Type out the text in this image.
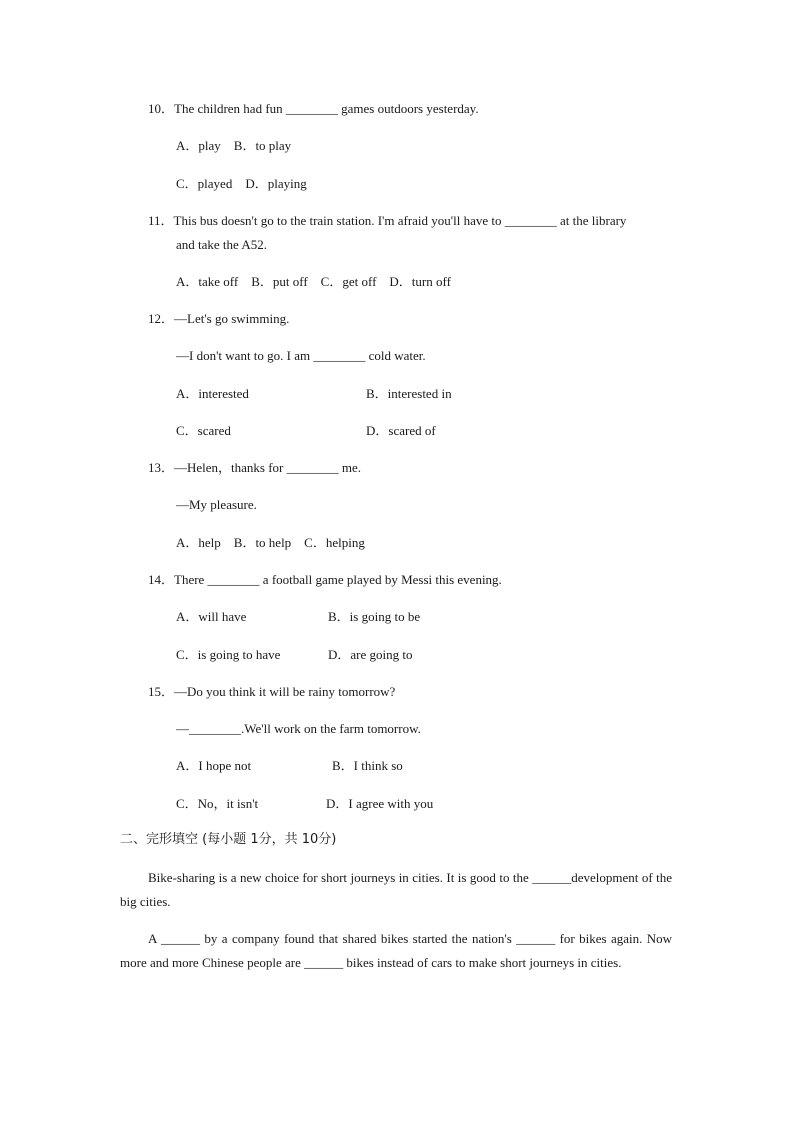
10．The children had fun ________ games outdoors yesterday.
A．play    B．to play
C．played    D．playing
11．This bus doesn't go to the train station. I'm afraid you'll have to ________ at the library
and take the A52.
A．take off    B．put off    C．get off    D．turn off
12．—Let's go swimming.
—I don't want to go. I am ________ cold water.
A．interested	B．interested in
C．scared	D．scared of
13．—Helen，thanks for ________ me.
—My pleasure.
A．help    B．to help    C．helping
14．There ________ a football game played by Messi this evening.
A．will have	B．is going to be
C．is going to have	D．are going to
15．—Do you think it will be rainy tomorrow?
—________.We'll work on the farm tomorrow.
A．I hope not	B．I think so
C．No，it isn't	D．I agree with you
二、完形填空 (每小题 1分，共 10分)
Bike-sharing is a new choice for short journeys in cities. It is good to the ______development of the big cities.
A ______ by a company found that shared bikes started the nation's ______ for bikes again. Now more and more Chinese people are ______ bikes instead of cars to make short journeys in cities.
